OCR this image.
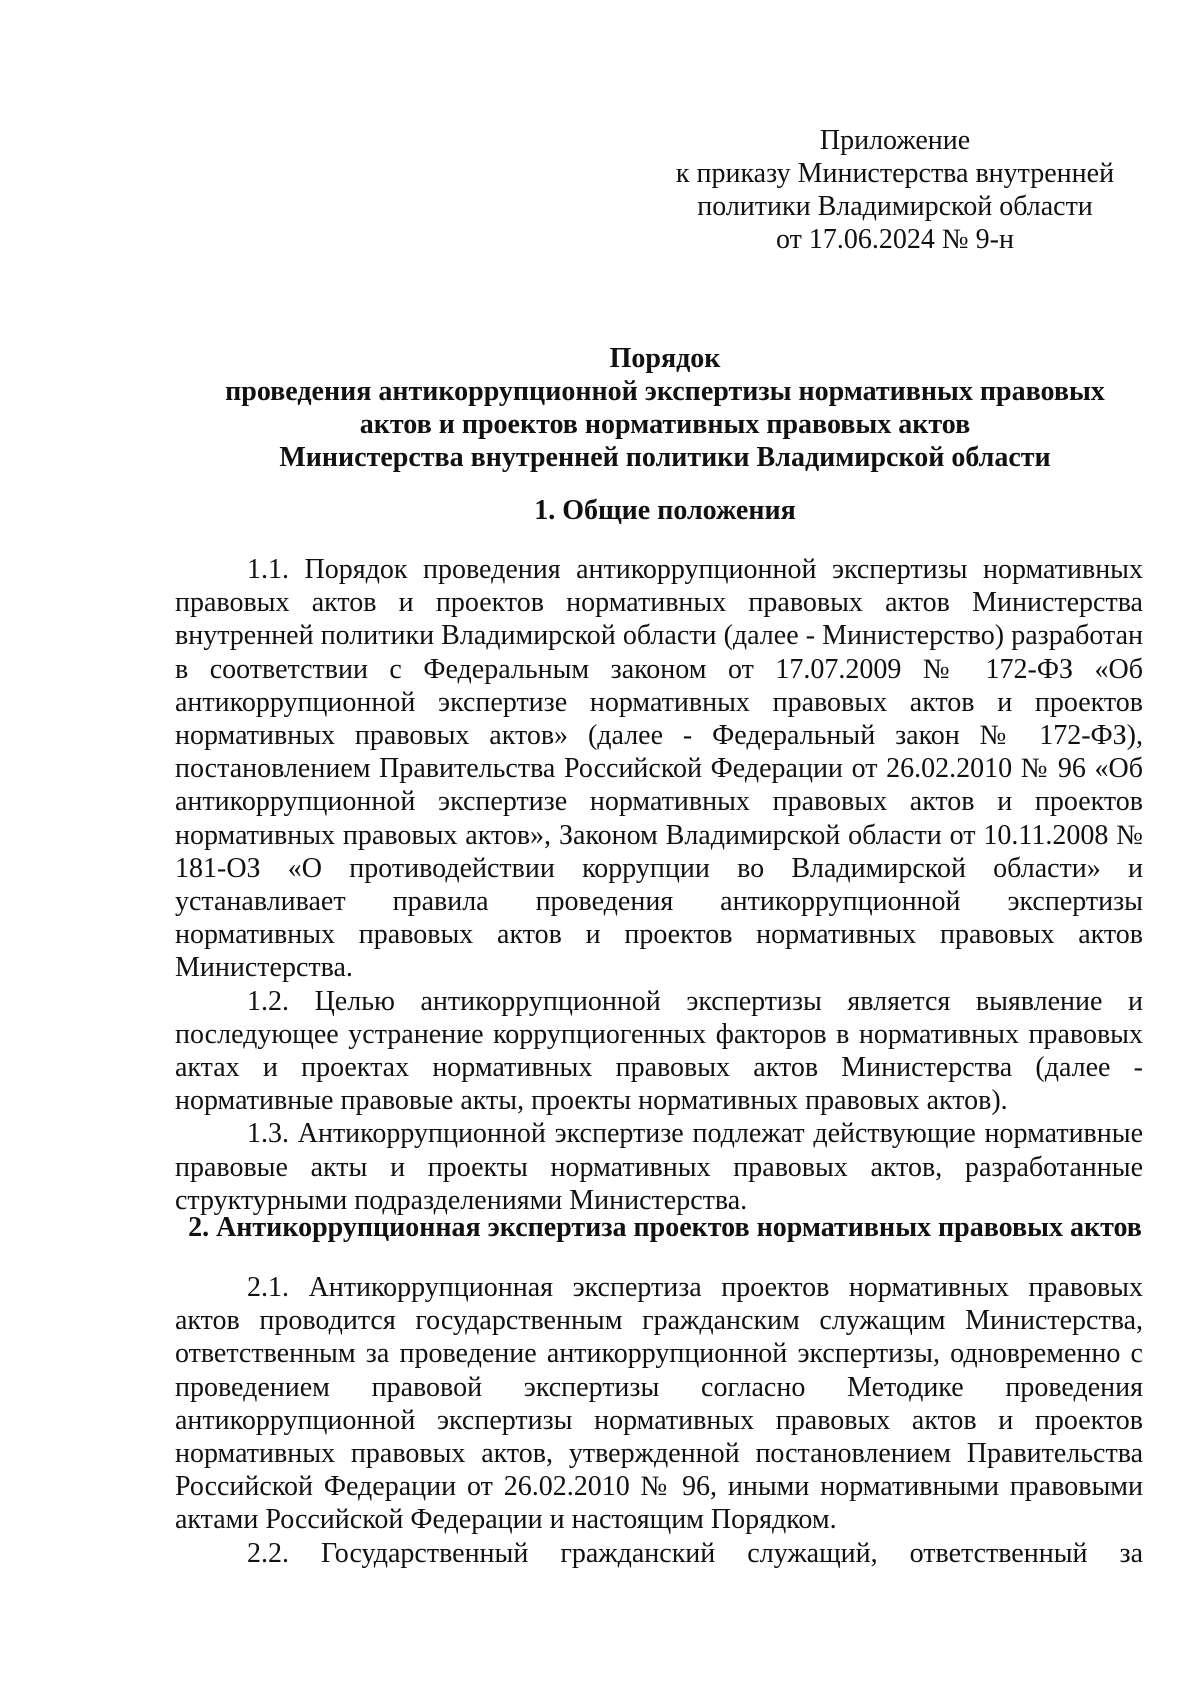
Приложение
к приказу Министерства внутренней
политики Владимирской области
от 17.06.2024 № 9-н
Порядок
проведения антикоррупционной экспертизы нормативных правовых
актов и проектов нормативных правовых актов
Министерства внутренней политики Владимирской области
1. Общие положения

1.1. Порядок проведения антикоррупционной экспертизы нормативных правовых актов и проектов нормативных правовых актов Министерства внутренней политики Владимирской области (далее - Министерство) разработан в соответствии с Федеральным законом от 17.07.2009 № 172-ФЗ «Об антикоррупционной экспертизе нормативных правовых актов и проектов нормативных правовых актов» (далее - Федеральный закон № 172-ФЗ), постановлением Правительства Российской Федерации от 26.02.2010 № 96 «Об антикоррупционной экспертизе нормативных правовых актов и проектов нормативных правовых актов», Законом Владимирской области от 10.11.2008 № 181-ОЗ «О противодействии коррупции во Владимирской области» и устанавливает правила проведения антикоррупционной экспертизы нормативных правовых актов и проектов нормативных правовых актов Министерства.

1.2. Целью антикоррупционной экспертизы является выявление и последующее устранение коррупциогенных факторов в нормативных правовых актах и проектах нормативных правовых актов Министерства (далее - нормативные правовые акты, проекты нормативных правовых актов).

1.3. Антикоррупционной экспертизе подлежат действующие нормативные правовые акты и проекты нормативных правовых актов, разработанные структурными подразделениями Министерства.

2. Антикоррупционная экспертиза проектов нормативных правовых актов

2.1. Антикоррупционная экспертиза проектов нормативных правовых актов проводится государственным гражданским служащим Министерства, ответственным за проведение антикоррупционной экспертизы, одновременно с проведением правовой экспертизы согласно Методике проведения антикоррупционной экспертизы нормативных правовых актов и проектов нормативных правовых актов, утвержденной постановлением Правительства Российской Федерации от 26.02.2010 № 96, иными нормативными правовыми актами Российской Федерации и настоящим Порядком.

2.2. Государственный гражданский служащий, ответственный за
